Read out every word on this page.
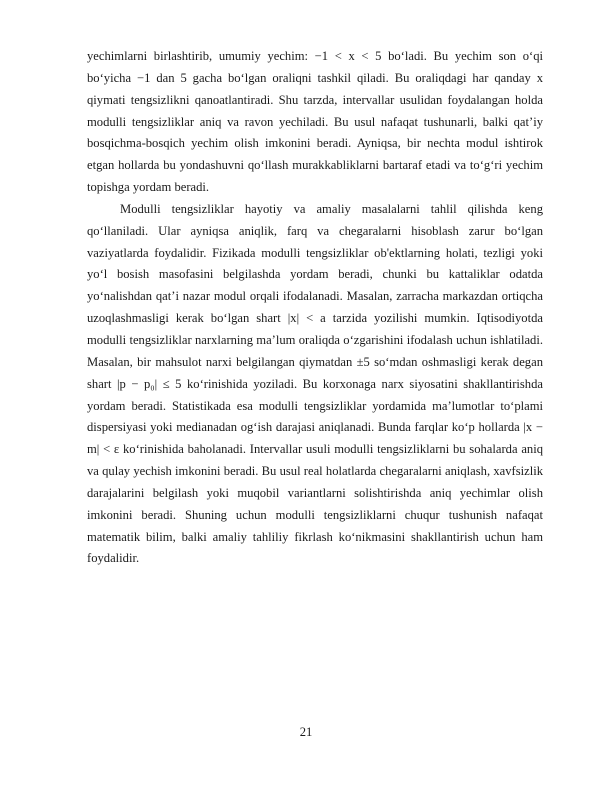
yechimlarni birlashtirib, umumiy yechim: −1 < x < 5 bo‘ladi. Bu yechim son o‘qi bo‘yicha −1 dan 5 gacha bo‘lgan oraliqni tashkil qiladi. Bu oraliqdagi har qanday x qiymati tengsizlikni qanoatlantiradi. Shu tarzda, intervallar usulidan foydalangan holda modulli tengsizliklar aniq va ravon yechiladi. Bu usul nafaqat tushunarli, balki qat’iy bosqichma-bosqich yechim olish imkonini beradi. Ayniqsa, bir nechta modul ishtirok etgan hollarda bu yondashuvni qo‘llash murakkabliklarni bartaraf etadi va to‘g‘ri yechim topishga yordam beradi.

Modulli tengsizliklar hayotiy va amaliy masalalarni tahlil qilishda keng qo‘llaniladi. Ular ayniqsa aniqlik, farq va chegaralarni hisoblash zarur bo‘lgan vaziyatlarda foydalidir. Fizikada modulli tengsizliklar ob'ektlarning holati, tezligi yoki yo‘l bosish masofasini belgilashda yordam beradi, chunki bu kattaliklar odatda yo‘nalishdan qat’i nazar modul orqali ifodalanadi. Masalan, zarracha markazdan ortiqcha uzoqlashmasligi kerak bo‘lgan shart |x| < a tarzida yozilishi mumkin. Iqtisodiyotda modulli tengsizliklar narxlarning ma’lum oraliqda o‘zgarishini ifodalash uchun ishlatiladi. Masalan, bir mahsulot narxi belgilangan qiymatdan ±5 so‘mdan oshmasligi kerak degan shart |p − p₀| ≤ 5 ko‘rinishida yoziladi. Bu korxonaga narx siyosatini shakllantirishda yordam beradi. Statistikada esa modulli tengsizliklar yordamida ma’lumotlar to‘plami dispersiyasi yoki medianadan og‘ish darajasi aniqlanadi. Bunda farqlar ko‘p hollarda |x − m| < ε ko‘rinishida baholanadi. Intervallar usuli modulli tengsizliklarni bu sohalarda aniq va qulay yechish imkonini beradi. Bu usul real holatlarda chegaralarni aniqlash, xavfsizlik darajalarini belgilash yoki muqobil variantlarni solishtirishda aniq yechimlar olish imkonini beradi. Shuning uchun modulli tengsizliklarni chuqur tushunish nafaqat matematik bilim, balki amaliy tahliliy fikrlash ko‘nikmasini shakllantirish uchun ham foydalidir.

21
